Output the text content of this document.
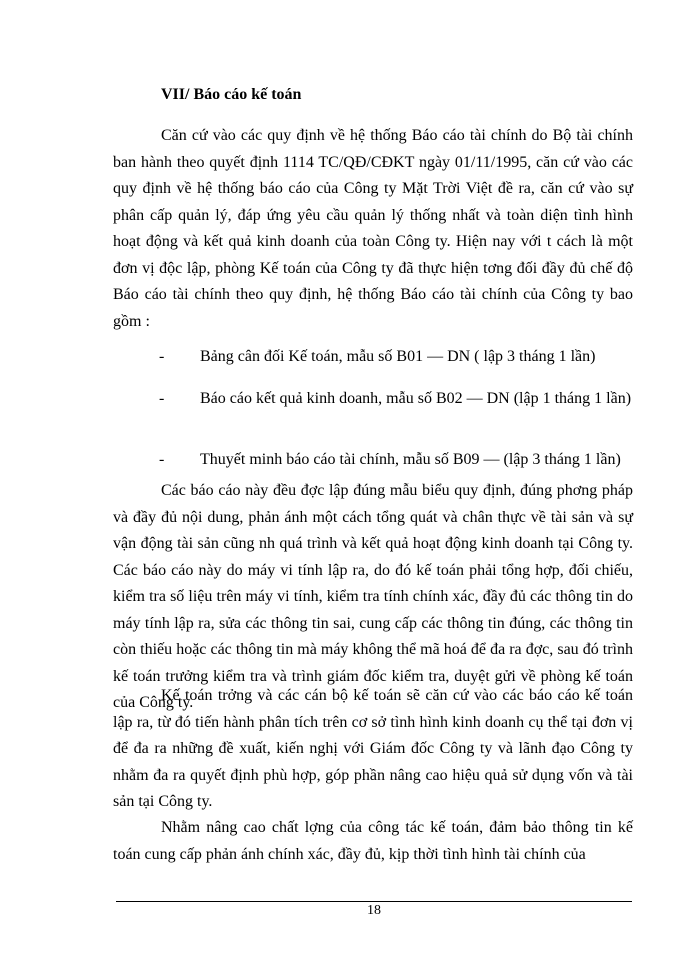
VII/ Báo cáo kế toán

Căn cứ vào các quy định về hệ thống Báo cáo tài chính do Bộ tài chính ban hành theo quyết định 1114 TC/QĐ/CĐKT ngày 01/11/1995, căn cứ vào các quy định về hệ thống báo cáo của Công ty Mặt Trời Việt đề ra, căn cứ vào sự phân cấp quản lý, đáp ứng yêu cầu quản lý thống nhất và toàn diện tình hình hoạt động và kết quả kinh doanh của toàn Công ty. Hiện nay với t cách là một đơn vị độc lập, phòng Kế toán của Công ty đã thực hiện tơng đối đầy đủ chế độ Báo cáo tài chính theo quy định, hệ thống Báo cáo tài chính của Công ty bao gồm :

-	Bảng cân đối Kế toán, mẫu số B01 — DN ( lập 3 tháng 1 lần)
-	Báo cáo kết quả kinh doanh, mẫu số B02 — DN (lập 1 tháng 1 lần)
-	Thuyết minh báo cáo tài chính, mẫu số B09 — (lập 3 tháng 1 lần)

Các báo cáo này đều đợc lập đúng mẫu biểu quy định, đúng phơng pháp và đầy đủ nội dung, phản ánh một cách tổng quát và chân thực về tài sản và sự vận động tài sản cũng nh quá trình và kết quả hoạt động kinh doanh tại Công ty. Các báo cáo này do máy vi tính lập ra, do đó kế toán phải tổng hợp, đối chiếu, kiểm tra số liệu trên máy vi tính, kiểm tra tính chính xác, đầy đủ các thông tin do máy tính lập ra, sửa các thông tin sai, cung cấp các thông tin đúng, các thông tin còn thiếu hoặc các thông tin mà máy không thể mã hoá để đa ra đợc, sau đó trình kế toán trưởng kiểm tra và trình giám đốc kiểm tra, duyệt gửi về phòng kế toán của Công ty.

Kế toán trởng và các cán bộ kế toán sẽ căn cứ vào các báo cáo kế toán lập ra, từ đó tiến hành phân tích trên cơ sở tình hình kinh doanh cụ thể tại đơn vị để đa ra những đề xuất, kiến nghị với Giám đốc Công ty và lãnh đạo Công ty nhằm đa ra quyết định phù hợp, góp phần nâng cao hiệu quả sử dụng vốn và tài sản tại Công ty.

Nhằm nâng cao chất lợng của công tác kế toán, đảm bảo thông tin kế toán cung cấp phản ánh chính xác, đầy đủ, kịp thời tình hình tài chính của

18
